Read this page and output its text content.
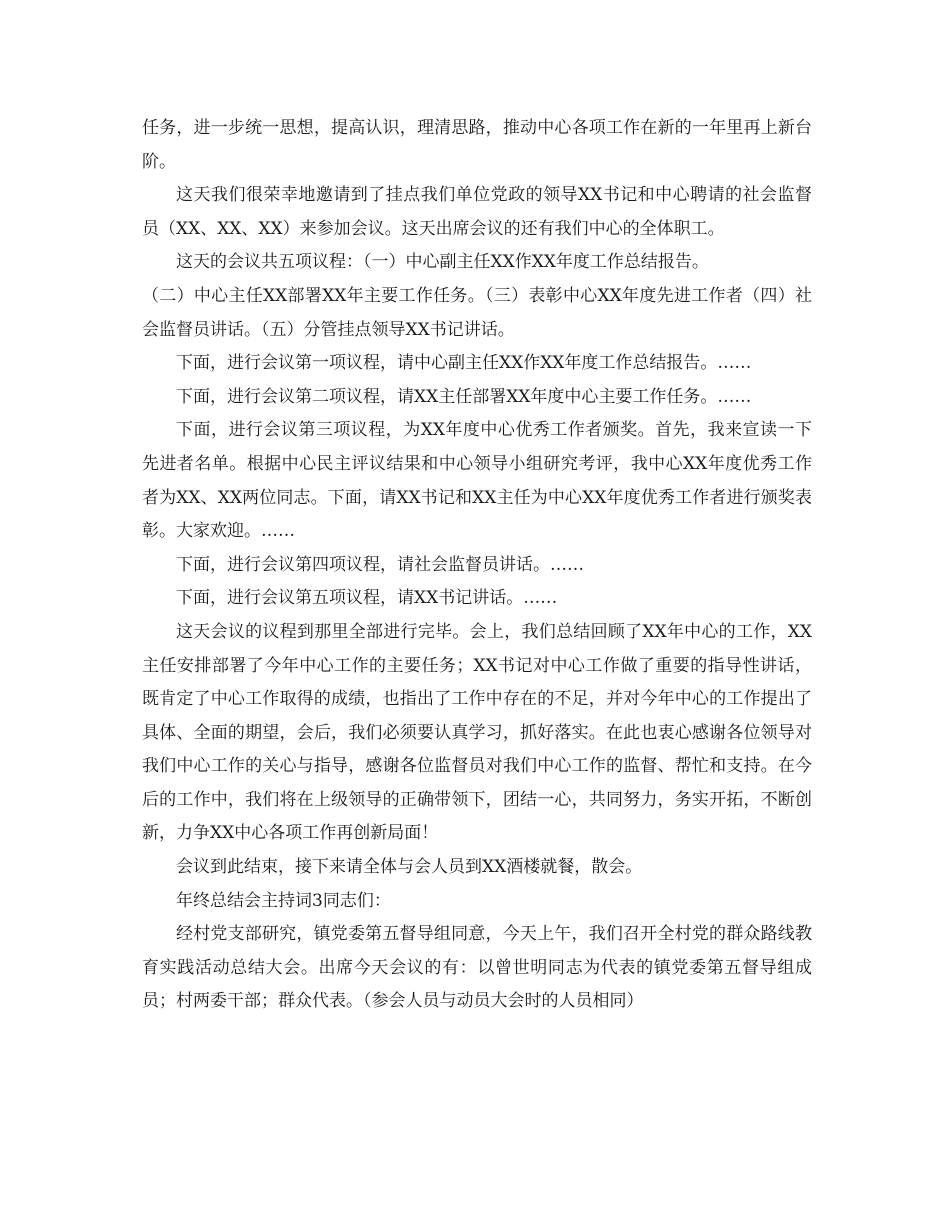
任务，进一步统一思想，提高认识，理清思路，推动中心各项工作在新的一年里再上新台阶。

这天我们很荣幸地邀请到了挂点我们单位党政的领导XX书记和中心聘请的社会监督员（XX、XX、XX）来参加会议。这天出席会议的还有我们中心的全体职工。

这天的会议共五项议程：（一）中心副主任XX作XX年度工作总结报告。

（二）中心主任XX部署XX年主要工作任务。（三）表彰中心XX年度先进工作者（四）社会监督员讲话。（五）分管挂点领导XX书记讲话。

下面，进行会议第一项议程，请中心副主任XX作XX年度工作总结报告。……

下面，进行会议第二项议程，请XX主任部署XX年度中心主要工作任务。……

下面，进行会议第三项议程，为XX年度中心优秀工作者颁奖。首先，我来宣读一下先进者名单。根据中心民主评议结果和中心领导小组研究考评，我中心XX年度优秀工作者为XX、XX两位同志。下面，请XX书记和XX主任为中心XX年度优秀工作者进行颁奖表彰。大家欢迎。……

下面，进行会议第四项议程，请社会监督员讲话。……

下面，进行会议第五项议程，请XX书记讲话。……

这天会议的议程到那里全部进行完毕。会上，我们总结回顾了XX年中心的工作，XX主任安排部署了今年中心工作的主要任务；XX书记对中心工作做了重要的指导性讲话，既肯定了中心工作取得的成绩，也指出了工作中存在的不足，并对今年中心的工作提出了具体、全面的期望，会后，我们必须要认真学习，抓好落实。在此也衷心感谢各位领导对我们中心工作的关心与指导，感谢各位监督员对我们中心工作的监督、帮忙和支持。在今后的工作中，我们将在上级领导的正确带领下，团结一心，共同努力，务实开拓，不断创新，力争XX中心各项工作再创新局面！

会议到此结束，接下来请全体与会人员到XX酒楼就餐，散会。

年终总结会主持词3同志们：

经村党支部研究，镇党委第五督导组同意，今天上午，我们召开全村党的群众路线教育实践活动总结大会。出席今天会议的有：以曾世明同志为代表的镇党委第五督导组成员；村两委干部；群众代表。（参会人员与动员大会时的人员相同）
